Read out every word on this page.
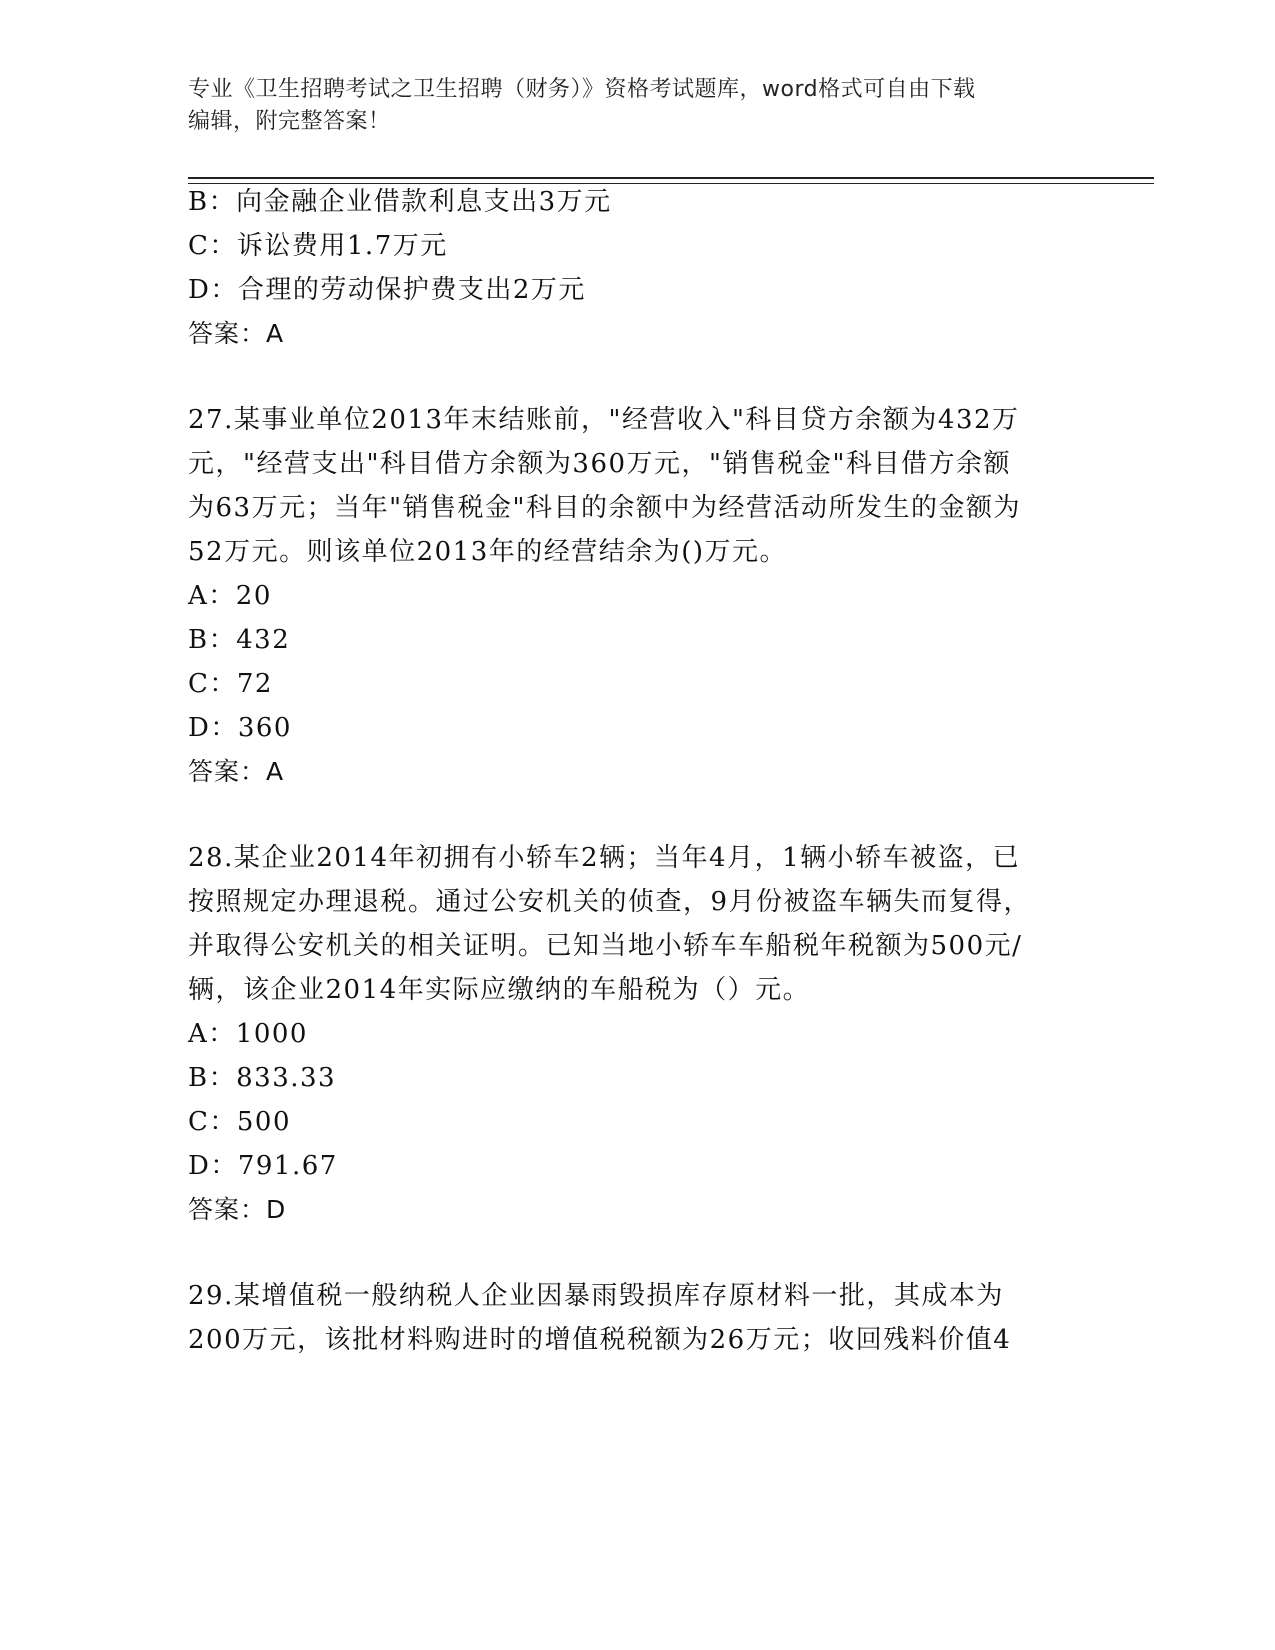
专业《卫生招聘考试之卫生招聘（财务）》资格考试题库，word格式可自由下载
编辑，附完整答案！
B：向金融企业借款利息支出3万元
C：诉讼费用1.7万元
D：合理的劳动保护费支出2万元
答案：A
27.某事业单位2013年末结账前，"经营收入"科目贷方余额为432万
元，"经营支出"科目借方余额为360万元，"销售税金"科目借方余额
为63万元；当年"销售税金"科目的余额中为经营活动所发生的金额为
52万元。则该单位2013年的经营结余为()万元。
A：20
B：432
C：72
D：360
答案：A
28.某企业2014年初拥有小轿车2辆；当年4月，1辆小轿车被盗，已
按照规定办理退税。通过公安机关的侦查，9月份被盗车辆失而复得，
并取得公安机关的相关证明。已知当地小轿车车船税年税额为500元/
辆，该企业2014年实际应缴纳的车船税为（）元。
A：1000
B：833.33
C：500
D：791.67
答案：D
29.某增值税一般纳税人企业因暴雨毁损库存原材料一批，其成本为
200万元，该批材料购进时的增值税税额为26万元；收回残料价值4
